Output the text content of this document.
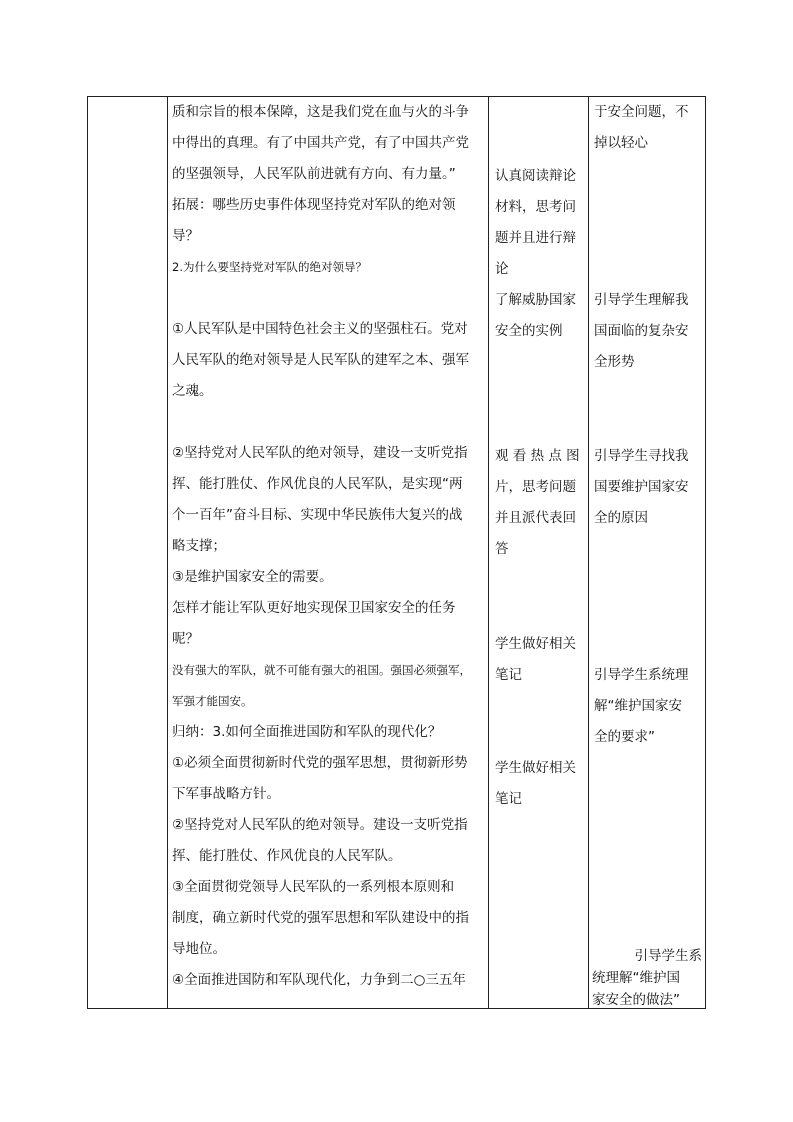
质和宗旨的根本保障，这是我们党在血与火的斗争
中得出的真理。有了中国共产党，有了中国共产党
的坚强领导，人民军队前进就有方向、有力量。”
拓展：哪些历史事件体现坚持党对军队的绝对领
导？
2.为什么要坚持党对军队的绝对领导？

①人民军队是中国特色社会主义的坚强柱石。党对
人民军队的绝对领导是人民军队的建军之本、强军
之魂。

②坚持党对人民军队的绝对领导，建设一支听党指
挥、能打胜仗、作风优良的人民军队，是实现“两
个一百年”奋斗目标、实现中华民族伟大复兴的战
略支撑；
③是维护国家安全的需要。
怎样才能让军队更好地实现保卫国家安全的任务
呢？
没有强大的军队，就不可能有强大的祖国。强国必须强军，
军强才能国安。
归纳：3.如何全面推进国防和军队的现代化？
①必须全面贯彻新时代党的强军思想，贯彻新形势
下军事战略方针。
②坚持党对人民军队的绝对领导。建设一支听党指
挥、能打胜仗、作风优良的人民军队。
③全面贯彻党领导人民军队的一系列根本原则和
制度，确立新时代党的强军思想和军队建设中的指
导地位。
④全面推进国防和军队现代化，力争到二○三五年
认真阅读辩论
材料，思考问
题并且进行辩
论
了解威胁国家
安全的实例
观 看 热 点 图
片，思考问题
并且派代表回
答
学生做好相关
笔记
学生做好相关
笔记
于安全问题，不
掉以轻心
引导学生理解我
国面临的复杂安
全形势
引导学生寻找我
国要维护国家安
全的原因
引导学生系统理
解“维护国家安
全的要求”
引导学生系
统理解“维护国
家安全的做法”
